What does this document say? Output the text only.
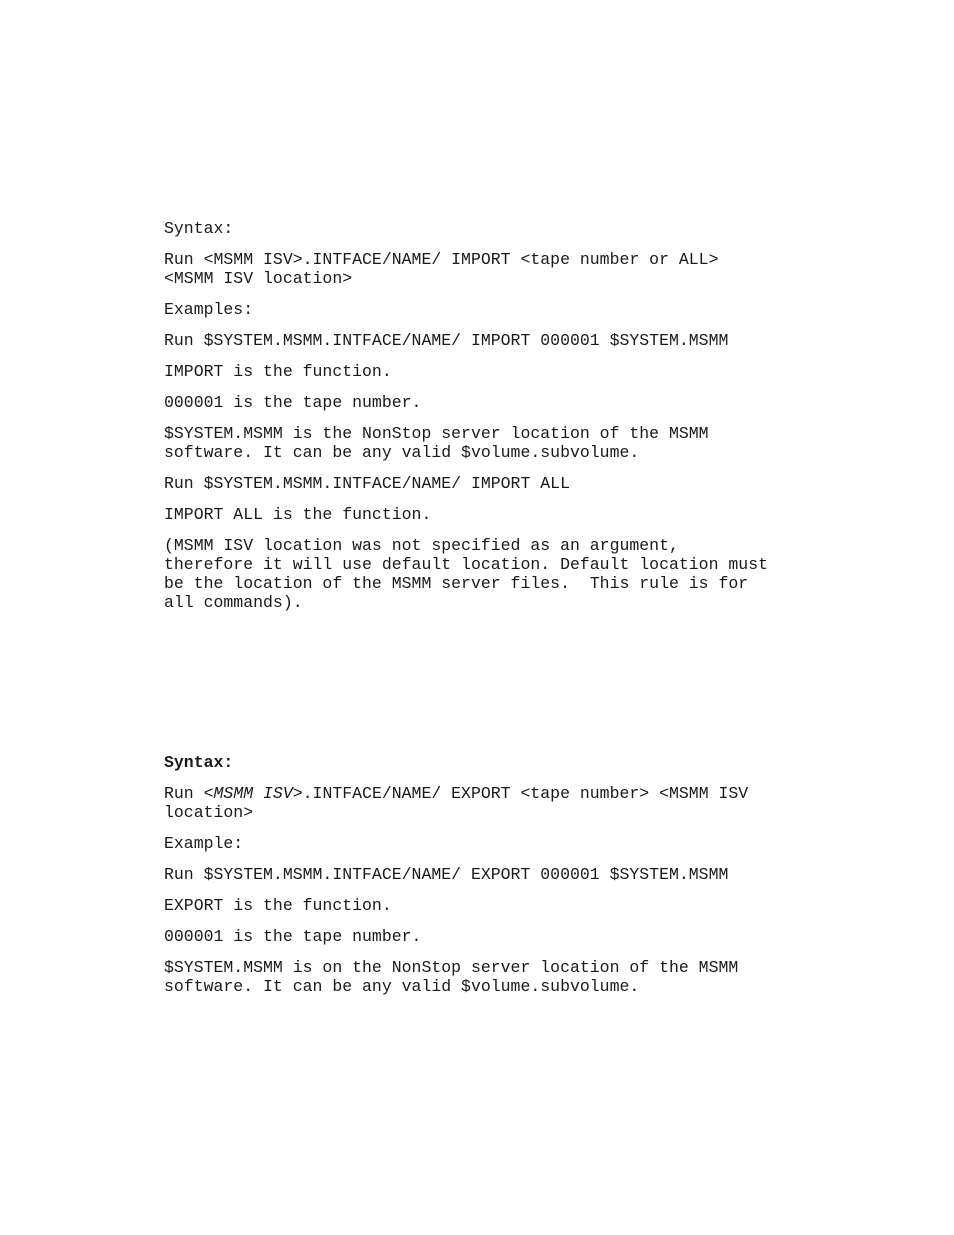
Syntax:

Run <MSMM ISV>.INTFACE/NAME/ IMPORT <tape number or ALL>
<MSMM ISV location>

Examples:

Run $SYSTEM.MSMM.INTFACE/NAME/ IMPORT 000001 $SYSTEM.MSMM

IMPORT is the function.

000001 is the tape number.

$SYSTEM.MSMM is the NonStop server location of the MSMM
software. It can be any valid $volume.subvolume.

Run $SYSTEM.MSMM.INTFACE/NAME/ IMPORT ALL

IMPORT ALL is the function.

(MSMM ISV location was not specified as an argument,
therefore it will use default location. Default location must
be the location of the MSMM server files.  This rule is for
all commands).

Syntax:

Run <MSMM ISV>.INTFACE/NAME/ EXPORT <tape number> <MSMM ISV
location>

Example:

Run $SYSTEM.MSMM.INTFACE/NAME/ EXPORT 000001 $SYSTEM.MSMM

EXPORT is the function.

000001 is the tape number.

$SYSTEM.MSMM is on the NonStop server location of the MSMM
software. It can be any valid $volume.subvolume.
